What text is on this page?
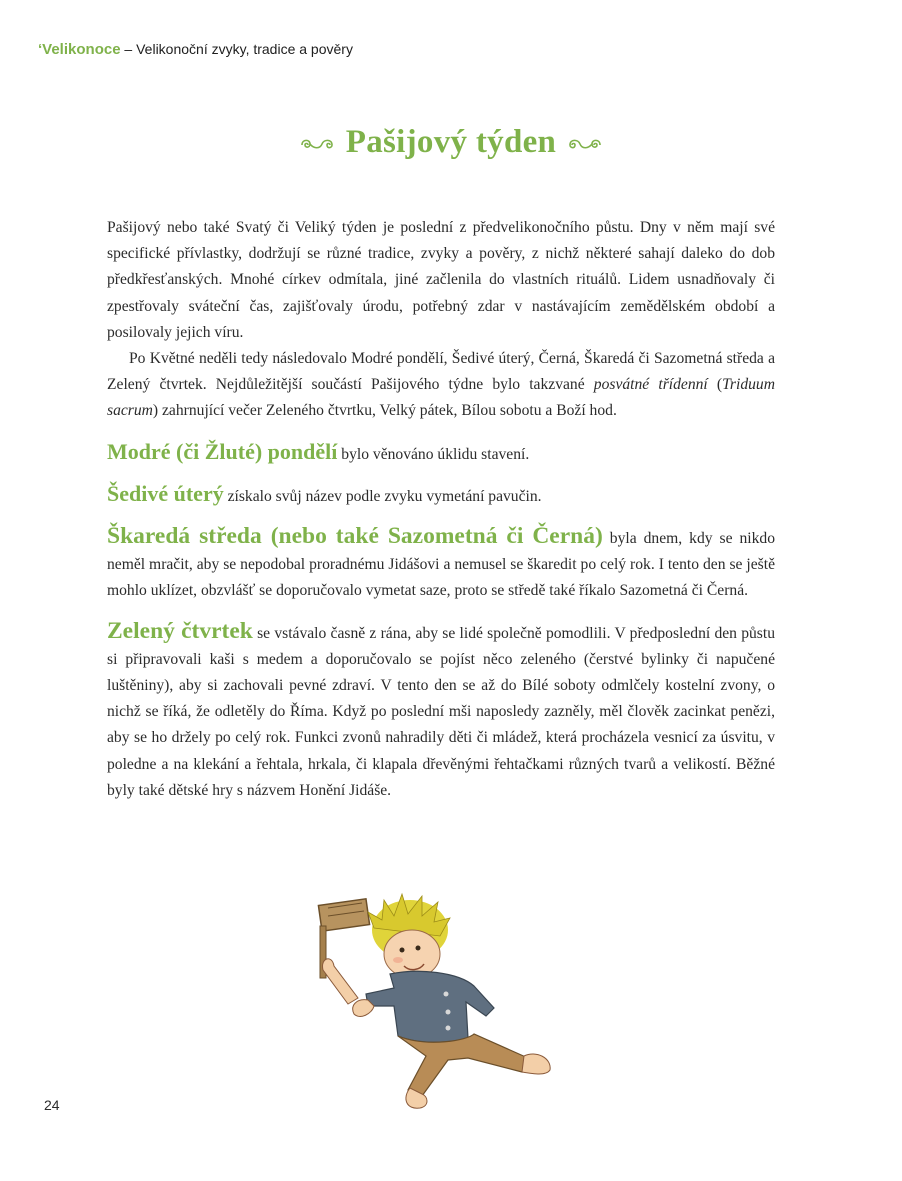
‘Velikonoce – Velikonoční zvyky, tradice a pověry
Pašijový týden

Pašijový nebo také Svatý či Veliký týden je poslední z předvelikonočního půstu. Dny v něm mají své specifické přívlastky, dodržují se různé tradice, zvyky a pověry, z nichž některé sahají daleko do dob předkřesťanských. Mnohé církev odmítala, jiné začlenila do vlastních rituálů. Lidem usnadňovaly či zpestřovaly sváteční čas, zajišťovaly úrodu, potřebný zdar v nastávajícím zemědělském období a posilovaly jejich víru.

Po Květné neděli tedy následovalo Modré pondělí, Šedivé úterý, Černá, Škaredá či Sazometná středa a Zelený čtvrtek. Nejdůležitější součástí Pašijového týdne bylo takzvané posvátné třídenní (Triduum sacrum) zahrnující večer Zeleného čtvrtku, Velký pátek, Bílou sobotu a Boží hod.

Modré (či Žluté) pondělí bylo věnováno úklidu stavení.

Šedivé úterý získalo svůj název podle zvyku vymetání pavučin.

Škaredá středa (nebo také Sazometná či Černá) byla dnem, kdy se nikdo neměl mračit, aby se nepodobal proradnému Jidášovi a nemusel se škaredit po celý rok. I tento den se ještě mohlo uklízet, obzvlášť se doporučovalo vymetat saze, proto se středě také říkalo Sazometná či Černá.

Zelený čtvrtek se vstávalo časně z rána, aby se lidé společně pomodlili. V předposlední den půstu si připravovali kaši s medem a doporučovalo se pojíst něco zeleného (čerstvé bylinky či napučené luštěniny), aby si zachovali pevné zdraví. V tento den se až do Bílé soboty odmlčely kostelní zvony, o nichž se říká, že odletěly do Říma. Když po poslední mši naposledy zazněly, měl člověk zacinkat penězi, aby se ho držely po celý rok. Funkci zvonů nahradily děti či mládež, která procházela vesnicí za úsvitu, v poledne a na klekání a řehtala, hrkala, či klapala dřevěnými řehtačkami různých tvarů a velikostí. Běžné byly také dětské hry s názvem Honění Jidáše.

24
